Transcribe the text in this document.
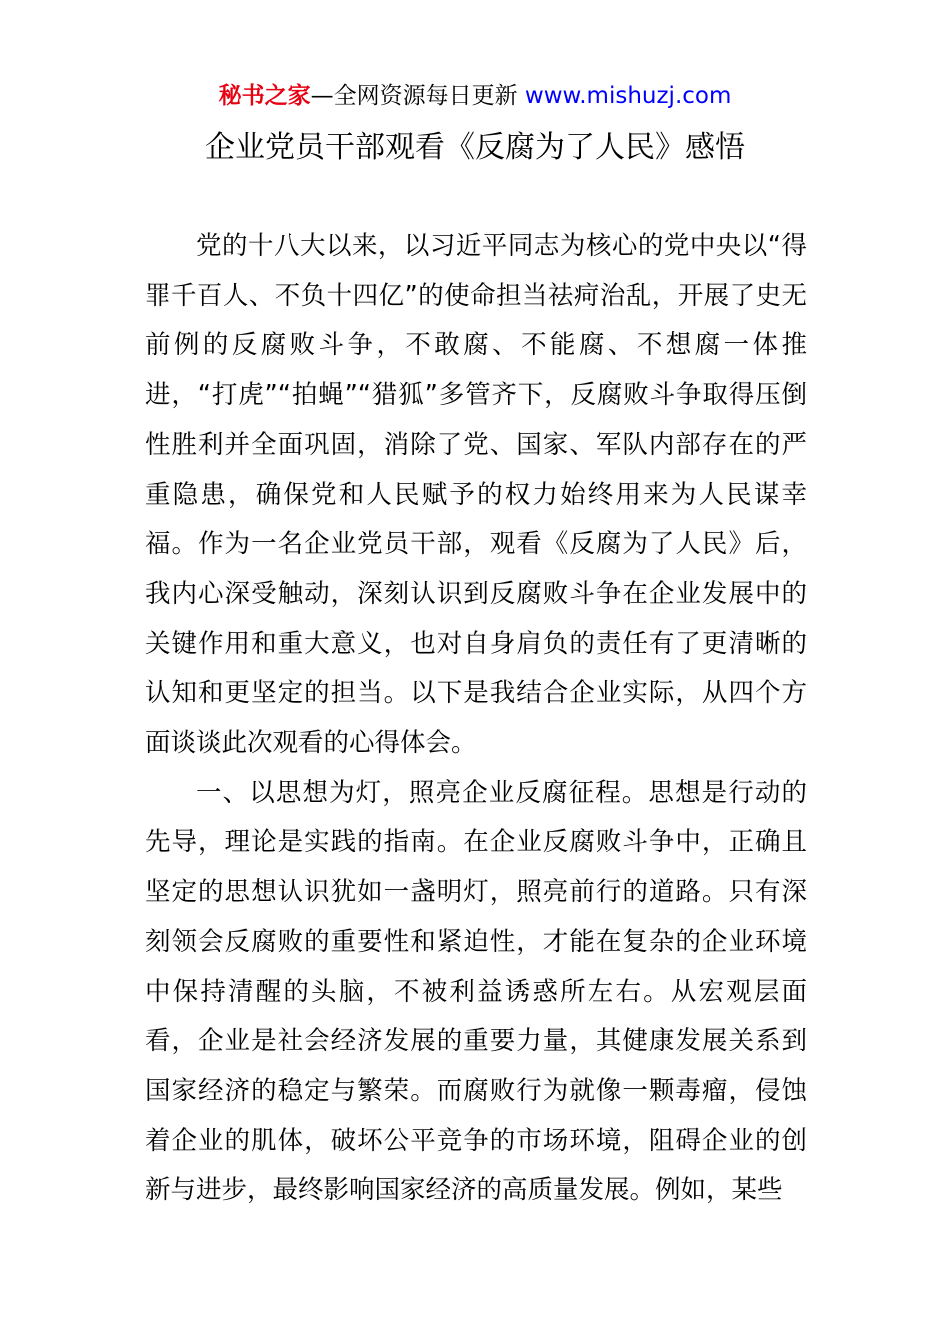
秘书之家—全网资源每日更新 www.mishuzj.com
企业党员干部观看《反腐为了人民》感悟

党的十八大以来，以习近平同志为核心的党中央以“得罪千百人、不负十四亿”的使命担当祛疴治乱，开展了史无前例的反腐败斗争，不敢腐、不能腐、不想腐一体推进，“打虎”“拍蝇”“猎狐”多管齐下，反腐败斗争取得压倒性胜利并全面巩固，消除了党、国家、军队内部存在的严重隐患，确保党和人民赋予的权力始终用来为人民谋幸福。作为一名企业党员干部，观看《反腐为了人民》后，我内心深受触动，深刻认识到反腐败斗争在企业发展中的关键作用和重大意义，也对自身肩负的责任有了更清晰的认知和更坚定的担当。以下是我结合企业实际，从四个方面谈谈此次观看的心得体会。

一、以思想为灯，照亮企业反腐征程。思想是行动的先导，理论是实践的指南。在企业反腐败斗争中，正确且坚定的思想认识犹如一盏明灯，照亮前行的道路。只有深刻领会反腐败的重要性和紧迫性，才能在复杂的企业环境中保持清醒的头脑，不被利益诱惑所左右。从宏观层面看，企业是社会经济发展的重要力量，其健康发展关系到国家经济的稳定与繁荣。而腐败行为就像一颗毒瘤，侵蚀着企业的肌体，破坏公平竞争的市场环境，阻碍企业的创新与进步，最终影响国家经济的高质量发展。例如，某些
